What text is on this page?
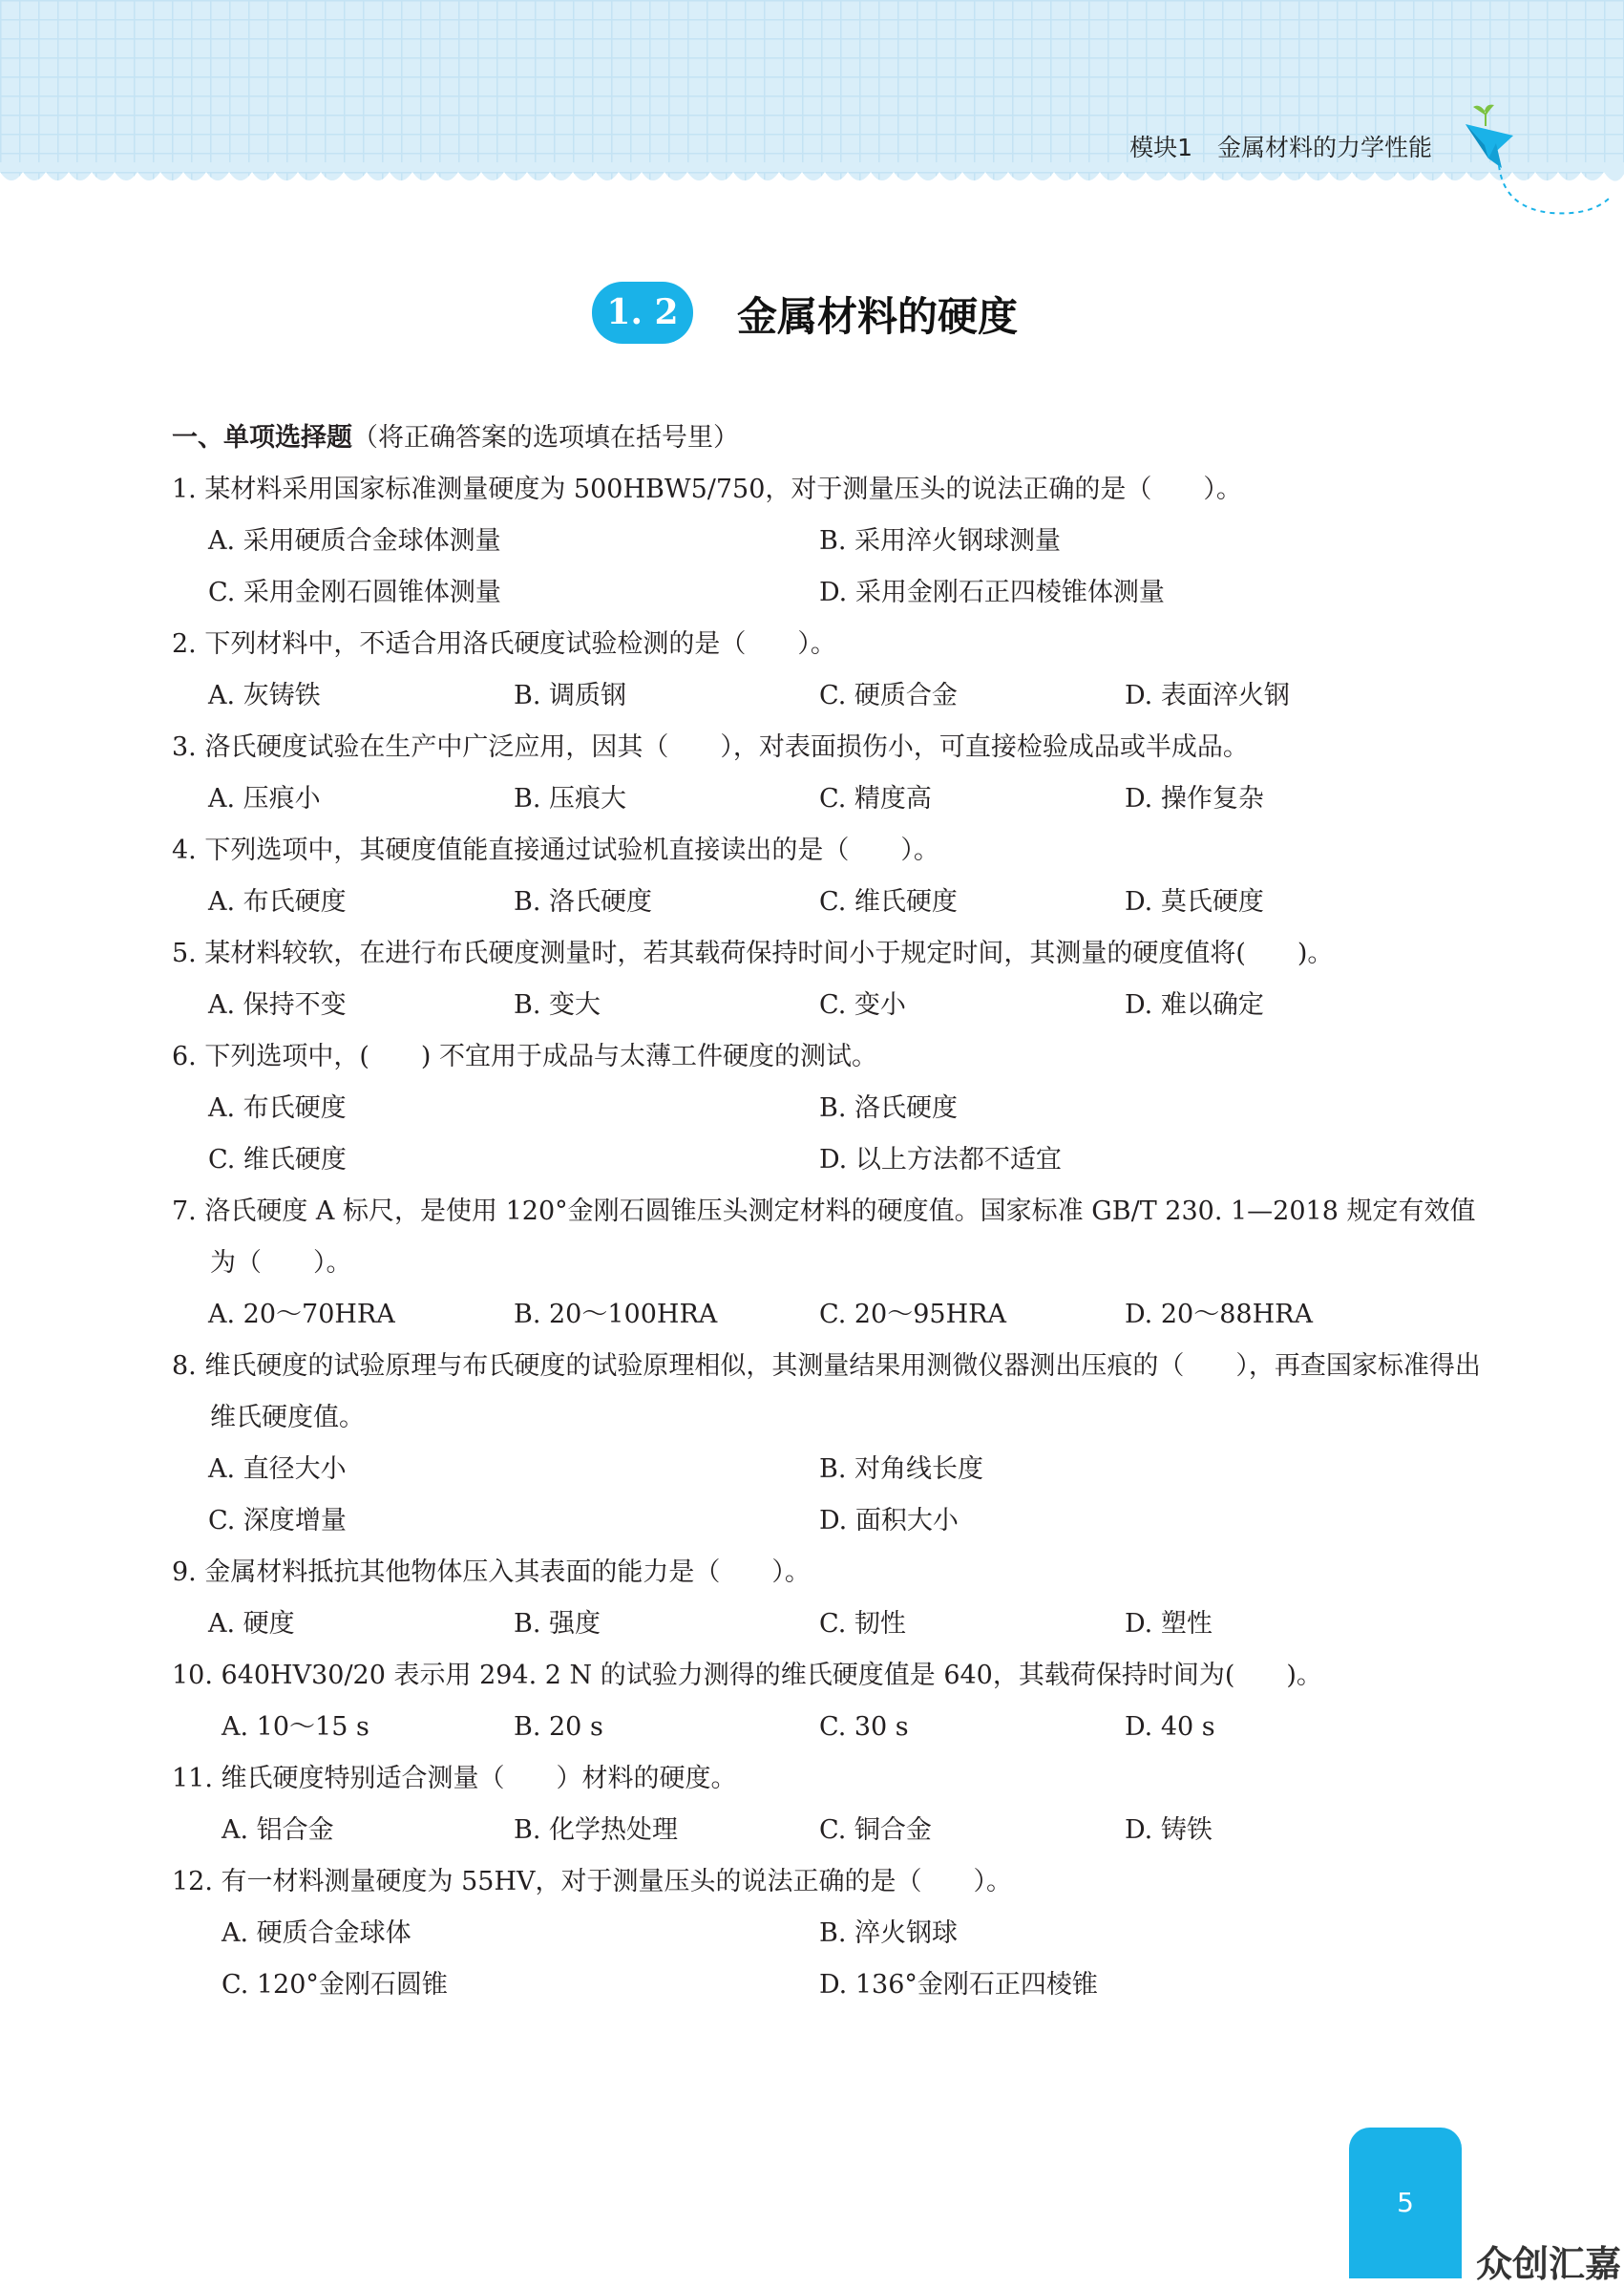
模块1 金属材料的力学性能
1. 2	金属材料的硬度
一、单项选择题（将正确答案的选项填在括号里）
1. 某材料采用国家标准测量硬度为 500HBW5/750，对于测量压头的说法正确的是（　　）。
A. 采用硬质合金球体测量	B. 采用淬火钢球测量
C. 采用金刚石圆锥体测量	D. 采用金刚石正四棱锥体测量
2. 下列材料中，不适合用洛氏硬度试验检测的是（　　）。
A. 灰铸铁	B. 调质钢	C. 硬质合金	D. 表面淬火钢
3. 洛氏硬度试验在生产中广泛应用，因其（　　），对表面损伤小，可直接检验成品或半成品。
A. 压痕小	B. 压痕大	C. 精度高	D. 操作复杂
4. 下列选项中，其硬度值能直接通过试验机直接读出的是（　　）。
A. 布氏硬度	B. 洛氏硬度	C. 维氏硬度	D. 莫氏硬度
5. 某材料较软，在进行布氏硬度测量时，若其载荷保持时间小于规定时间，其测量的硬度值将(　　)。
A. 保持不变	B. 变大	C. 变小	D. 难以确定
6. 下列选项中，(　　) 不宜用于成品与太薄工件硬度的测试。
A. 布氏硬度	B. 洛氏硬度
C. 维氏硬度	D. 以上方法都不适宜
7. 洛氏硬度 A 标尺，是使用 120°金刚石圆锥压头测定材料的硬度值。国家标准 GB/T 230. 1—2018 规定有效值为（　　）。
A. 20～70HRA	B. 20～100HRA	C. 20～95HRA	D. 20～88HRA
8. 维氏硬度的试验原理与布氏硬度的试验原理相似，其测量结果用测微仪器测出压痕的（　　），再查国家标准得出维氏硬度值。
A. 直径大小	B. 对角线长度
C. 深度增量	D. 面积大小
9. 金属材料抵抗其他物体压入其表面的能力是（　　）。
A. 硬度	B. 强度	C. 韧性	D. 塑性
10. 640HV30/20 表示用 294. 2 N 的试验力测得的维氏硬度值是 640，其载荷保持时间为(　　)。
A. 10～15 s	B. 20 s	C. 30 s	D. 40 s
11. 维氏硬度特别适合测量（　　）材料的硬度。
A. 铝合金	B. 化学热处理	C. 铜合金	D. 铸铁
12. 有一材料测量硬度为 55HV，对于测量压头的说法正确的是（　　）。
A. 硬质合金球体	B. 淬火钢球
C. 120°金刚石圆锥	D. 136°金刚石正四棱锥
5
众创汇嘉
